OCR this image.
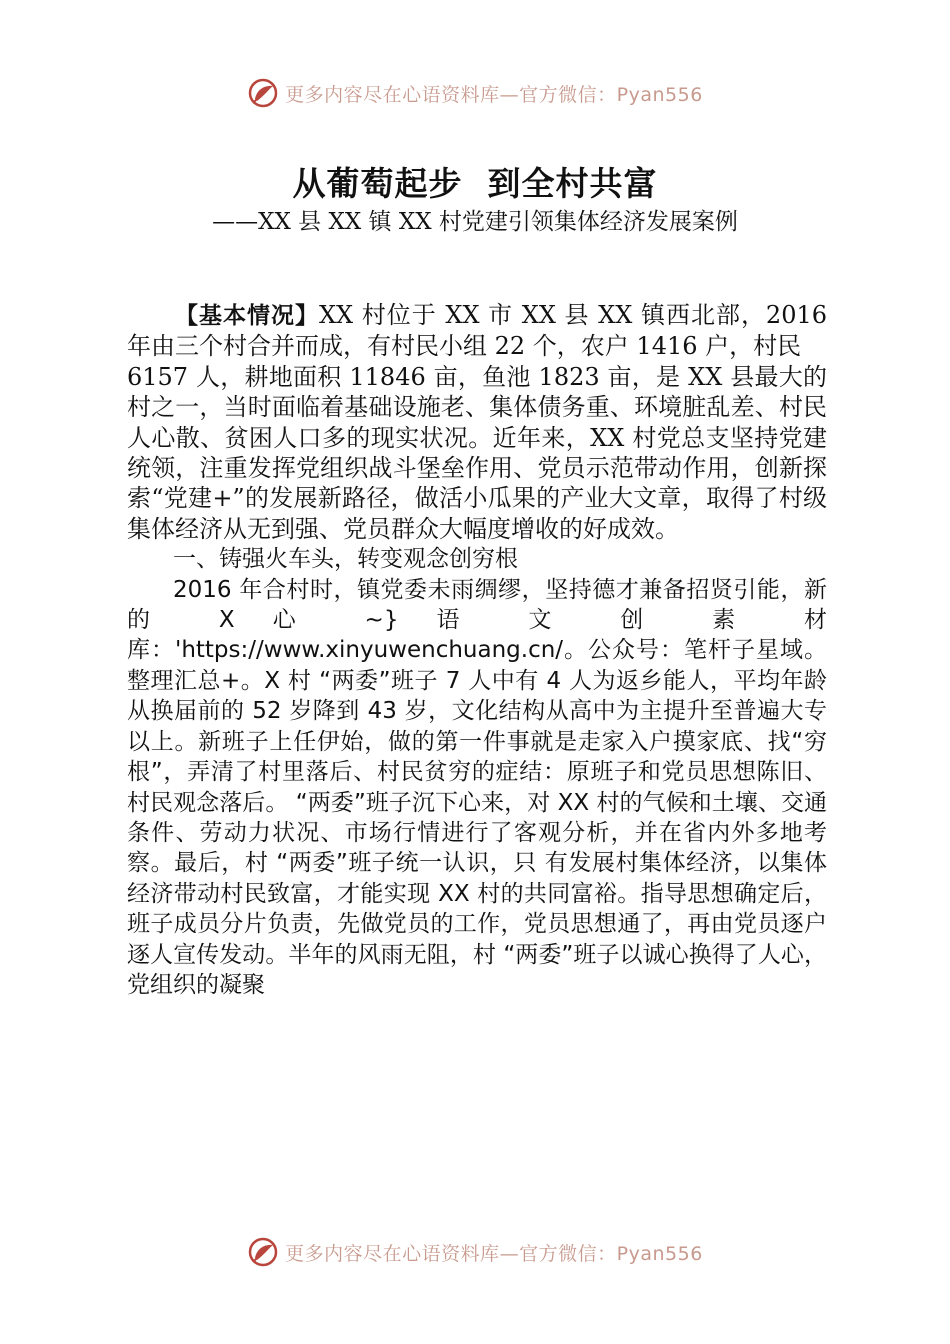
更多内容尽在心语资料库—官方微信：Pyan556
从葡萄起步  到全村共富
——XX 县 XX 镇 XX 村党建引领集体经济发展案例

【基本情况】XX 村位于 XX 市 XX 县 XX 镇西北部，2016 年由三个村合并而成，有村民小组 22 个，农户 1416 户，村民

6157 人，耕地面积 11846 亩，鱼池 1823 亩，是 XX 县最大的村之一，当时面临着基础设施老、集体债务重、环境脏乱差、村民人心散、贫困人口多的现实状况。近年来，XX 村党总支坚持党建统领，注重发挥党组织战斗堡垒作用、党员示范带动作用，创新探索“党建+”的发展新路径，做活小瓜果的产业大文章，取得了村级集体经济从无到强、党员群众大幅度增收的好成效。

一、铸强火车头，转变观念创穷根

2016 年合村时，镇党委未雨绸缪，坚持德才兼备招贤引能，新的 X 心 ~} 语 文 创 素 材 库：'https://www.xinyuwenchuang.cn/。公众号：笔杆子星域。整理汇总+。X 村 “两委”班子 7 人中有 4 人为返乡能人，平均年龄从换届前的 52 岁降到 43 岁，文化结构从高中为主提升至普遍大专以上。新班子上任伊始，做的第一件事就是走家入户摸家底、找“穷根”，弄清了村里落后、村民贫穷的症结：原班子和党员思想陈旧、村民观念落后。 “两委”班子沉下心来，对 XX 村的气候和土壤、交通条件、劳动力状况、市场行情进行了客观分析，并在省内外多地考察。最后，村 “两委”班子统一认识，只 有发展村集体经济，以集体经济带动村民致富，才能实现 XX 村的共同富裕。指导思想确定后，班子成员分片负责，先做党员的工作，党员思想通了，再由党员逐户逐人宣传发动。半年的风雨无阻，村 “两委”班子以诚心换得了人心，党组织的凝聚

更多内容尽在心语资料库—官方微信：Pyan556
